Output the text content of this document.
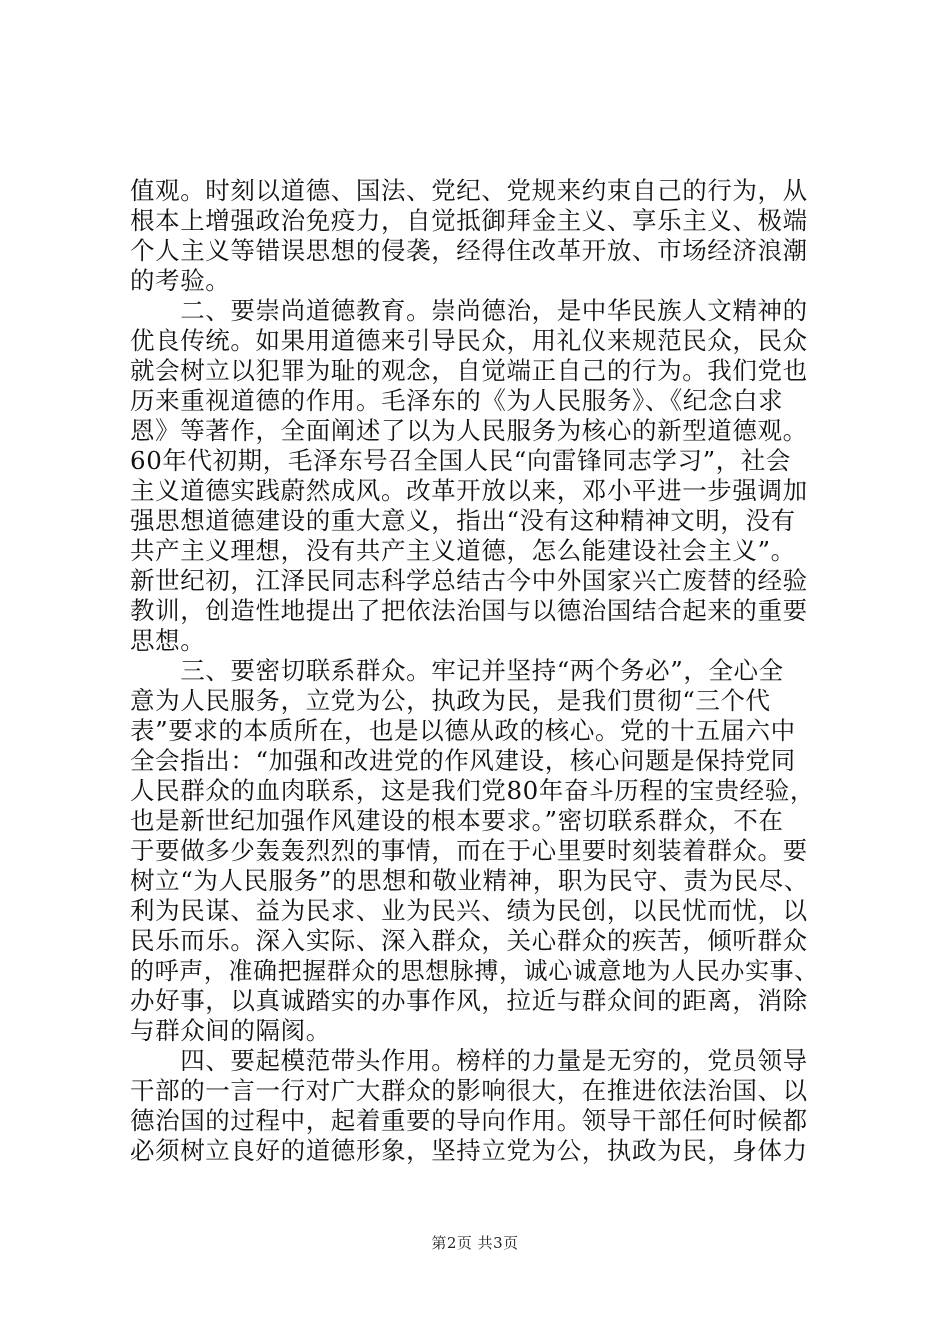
值观。时刻以道德、国法、党纪、党规来约束自己的行为，从
根本上增强政治免疫力，自觉抵御拜金主义、享乐主义、极端
个人主义等错误思想的侵袭，经得住改革开放、市场经济浪潮
的考验。
　　二、要崇尚道德教育。崇尚德治，是中华民族人文精神的
优良传统。如果用道德来引导民众，用礼仪来规范民众，民众
就会树立以犯罪为耻的观念，自觉端正自己的行为。我们党也
历来重视道德的作用。毛泽东的《为人民服务》、《纪念白求
恩》等著作，全面阐述了以为人民服务为核心的新型道德观。
60年代初期，毛泽东号召全国人民“向雷锋同志学习”，社会
主义道德实践蔚然成风。改革开放以来，邓小平进一步强调加
强思想道德建设的重大意义，指出“没有这种精神文明，没有
共产主义理想，没有共产主义道德，怎么能建设社会主义”。
新世纪初，江泽民同志科学总结古今中外国家兴亡废替的经验
教训，创造性地提出了把依法治国与以德治国结合起来的重要
思想。
　　三、要密切联系群众。牢记并坚持“两个务必”，全心全
意为人民服务，立党为公，执政为民，是我们贯彻“三个代
表”要求的本质所在，也是以德从政的核心。党的十五届六中
全会指出：“加强和改进党的作风建设，核心问题是保持党同
人民群众的血肉联系，这是我们党80年奋斗历程的宝贵经验，
也是新世纪加强作风建设的根本要求。”密切联系群众，不在
于要做多少轰轰烈烈的事情，而在于心里要时刻装着群众。要
树立“为人民服务”的思想和敬业精神，职为民守、责为民尽、
利为民谋、益为民求、业为民兴、绩为民创，以民忧而忧，以
民乐而乐。深入实际、深入群众，关心群众的疾苦，倾听群众
的呼声，准确把握群众的思想脉搏，诚心诚意地为人民办实事、
办好事，以真诚踏实的办事作风，拉近与群众间的距离，消除
与群众间的隔阂。
　　四、要起模范带头作用。榜样的力量是无穷的，党员领导
干部的一言一行对广大群众的影响很大，在推进依法治国、以
德治国的过程中，起着重要的导向作用。领导干部任何时候都
必须树立良好的道德形象，坚持立党为公，执政为民，身体力
第2页 共3页
